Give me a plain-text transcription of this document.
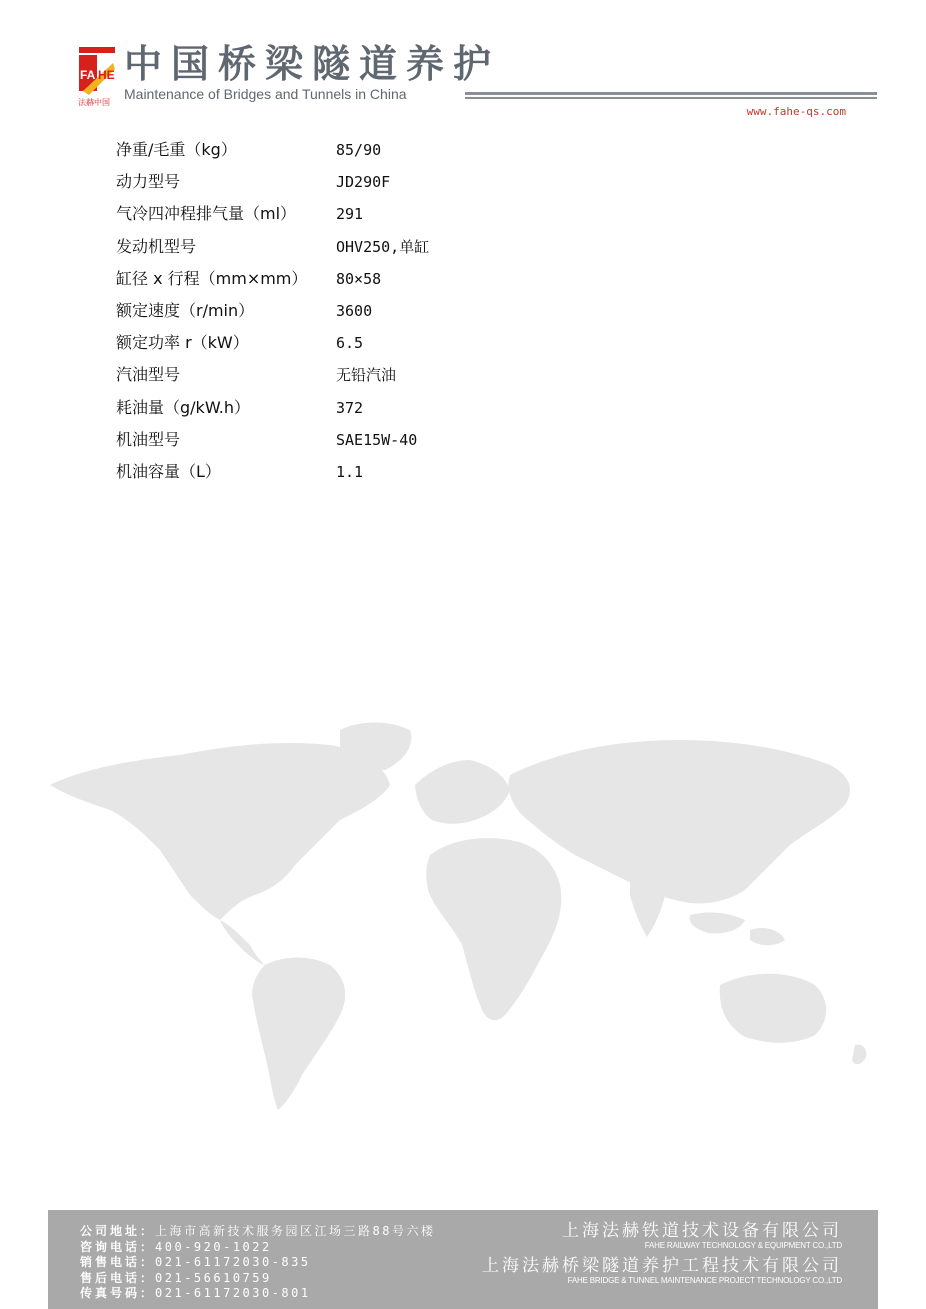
FA HE
法赫中国
中国桥梁隧道养护
Maintenance of Bridges and Tunnels in China
www.fahe-qs.com
净重/毛重（kg）	85/90
动力型号	JD290F
气冷四冲程排气量（ml）	291
发动机型号	OHV250,单缸
缸径 x 行程（mm×mm） 80×58
额定速度（r/min）	3600
额定功率 r（kW）	6.5
汽油型号	无铅汽油
耗油量（g/kW.h）	372
机油型号	SAE15W-40
机油容量（L）	1.1
公司地址：上海市高新技术服务园区江场三路88号六楼
咨询电话：400-920-1022
销售电话：021-61172030-835
售后电话：021-56610759
传真号码：021-61172030-801
上海法赫铁道技术设备有限公司
FAHE RAILWAY TECHNOLOGY & EQUIPMENT CO.,LTD
上海法赫桥梁隧道养护工程技术有限公司
FAHE BRIDGE & TUNNEL MAINTENANCE PROJECT TECHNOLOGY CO.,LTD
